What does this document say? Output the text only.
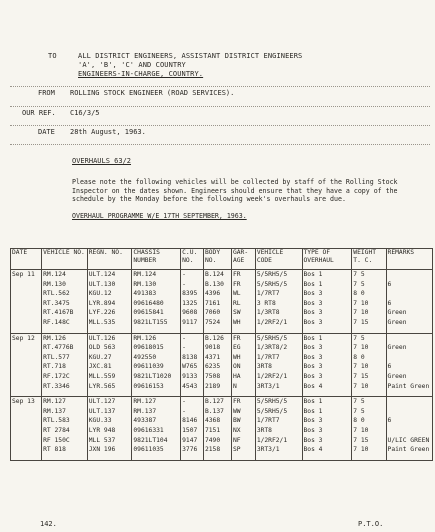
TO	ALL DISTRICT ENGINEERS, ASSISTANT DISTRICT ENGINEERS
'A', 'B', 'C' AND COUNTRY
ENGINEERS-IN-CHARGE, COUNTRY.
FROM ROLLING STOCK ENGINEER (ROAD SERVICES).
OUR REF. C16/3/5
DATE 28th August, 1963.
OVERHAULS 63/2
Please note the following vehicles will be collected by staff of the Rolling Stock Inspector on the dates shown. Engineers should ensure that they have a copy of the schedule by the Monday before the following week's overhauls are due.
OVERHAUL PROGRAMME W/E 17TH SEPTEMBER, 1963.
DATE	VEHICLE NO.	REGN. NO.	CHASSIS NUMBER	C.U. NO.	BODY NO.	GAR-AGE	VEHICLE CODE	TYPE OF OVERHAUL	WEIGHT T. C.	REMARKS
Sep 11	RM.124	ULT.124	RM.124	-	B.124	FR	5/5RH5/5	Bos 1	7 5	
	RM.130	ULT.130	RM.130	-	B.130	FR	5/5RH5/5	Bos 1	7 5	6
	RTL.562	KGU.12	491383	8395	4396	WL	1/7RT7	Bos 3	8 0	
	RT.3475	LYR.894	09616480	1325	7161	RL	3 RT8	Bos 3	7 10	6
	RT.4167B	LYF.226	09615841	9608	7060	SW	1/3RT8	Bos 3	7 10	Green
	RF.148C	MLL.535	9821LT155	9117	7524	WH	1/2RF2/1	Bos 3	7 15	Green

Sep 12	RM.126	ULT.126	RM.126	-	B.126	FR	5/5RH5/5	Bos 1	7 5	
	RT.4776B	OLD 563	09618015	-	9018	EG	1/3RT8/2	Bos 3	7 10	Green
	RTL.577	KGU.27	492550	8138	4371	WH	1/7RT7	Bos 3	8 0	
	RT.718	JXC.81	09611039	W765	6235	ON	3RT8	Bos 3	7 10	6
	RF.172C	MLL.559	9821LT1020	9133	7508	HA	1/2RF2/1	Bos 3	7 15	Green
	RT.3346	LYR.565	09616153	4543	2189	N	3RT3/1	Bos 4	7 10	Paint Green

Sep 13	RM.127	ULT.127	RM.127	-	B.127	FR	5/5RH5/5	Bos 1	7 5	
	RM.137	ULT.137	RM.137	-	B.137	WW	5/5RH5/5	Bos 1	7 5	
	RTL.583	KGU.33	493387	8146	4368	BW	1/7RT7	Bos 3	8 0	6
	RT 2784	LYR 948	09616331	1507	7151	NX	3RT8	Bos 3	7 10	
	RF 150C	MLL 537	9821LT104	9147	7490	NF	1/2RF2/1	Bos 3	7 15	U/LIC GREEN
	RT 818	JXN 196	09611035	3776	2158	SP	3RT3/1	Bos 4	7 10	Paint Green

142.	P.T.O.
